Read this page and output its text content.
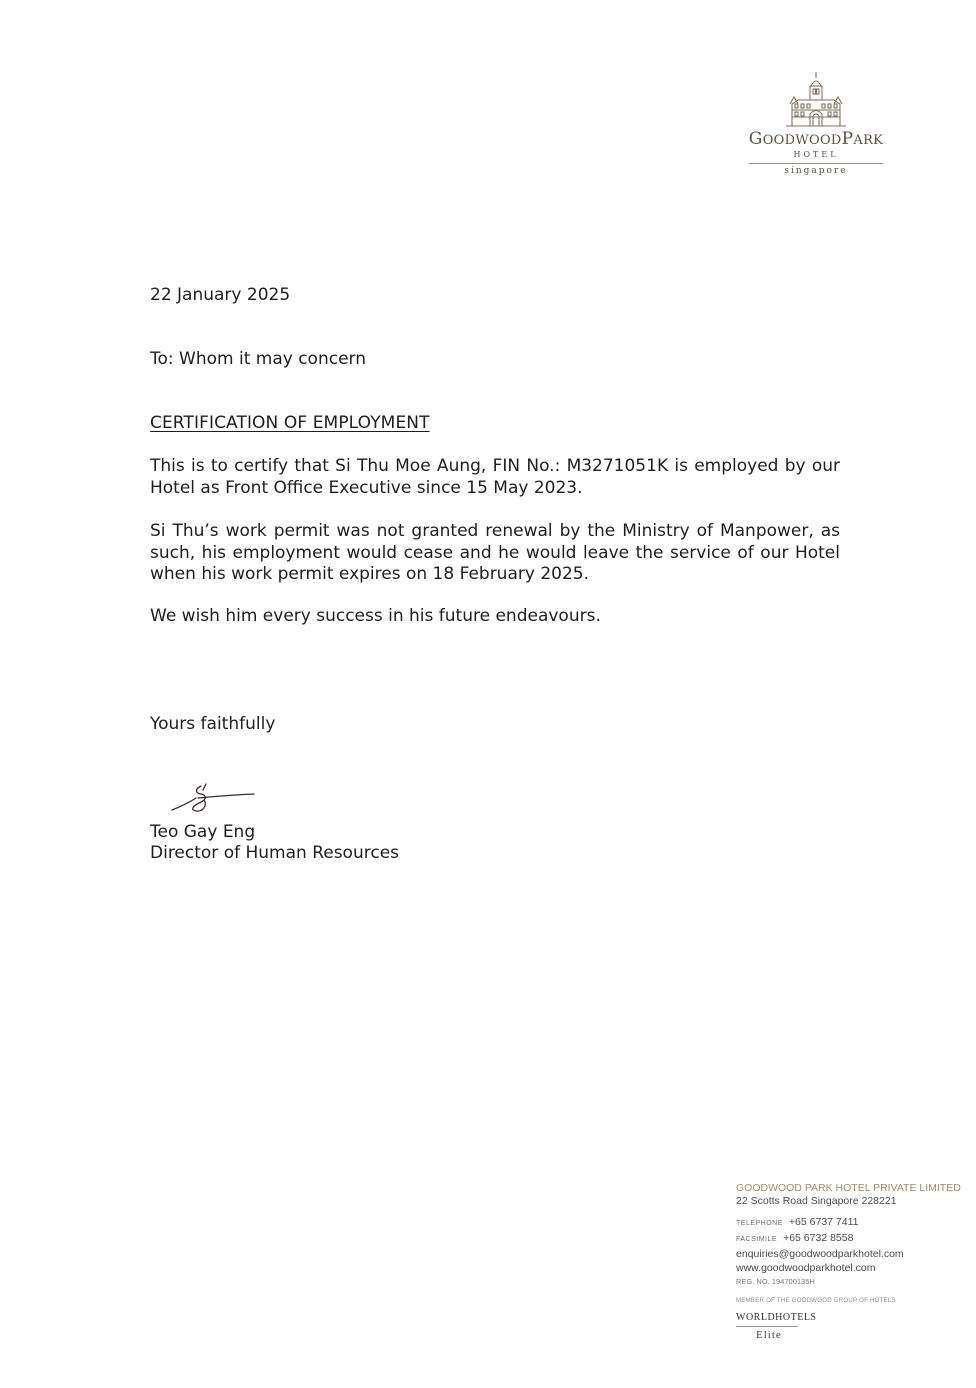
GOODWOODPARK
HOTEL
singapore
22 January 2025
To: Whom it may concern
CERTIFICATION OF EMPLOYMENT
This is to certify that Si Thu Moe Aung, FIN No.: M3271051K is employed by our Hotel as Front Office Executive since 15 May 2023.
Si Thu’s work permit was not granted renewal by the Ministry of Manpower, as such, his employment would cease and he would leave the service of our Hotel when his work permit expires on 18 February 2025.
We wish him every success in his future endeavours.
Yours faithfully
Teo Gay Eng
Director of Human Resources
GOODWOOD PARK HOTEL PRIVATE LIMITED
22 Scotts Road Singapore 228221
TELEPHONE +65 6737 7411
FACSIMILE +65 6732 8558
enquiries@goodwoodparkhotel.com
www.goodwoodparkhotel.com
REG. NO. 194700135H
MEMBER OF THE GOODWOOD GROUP OF HOTELS
WORLDHOTELS
Elite
